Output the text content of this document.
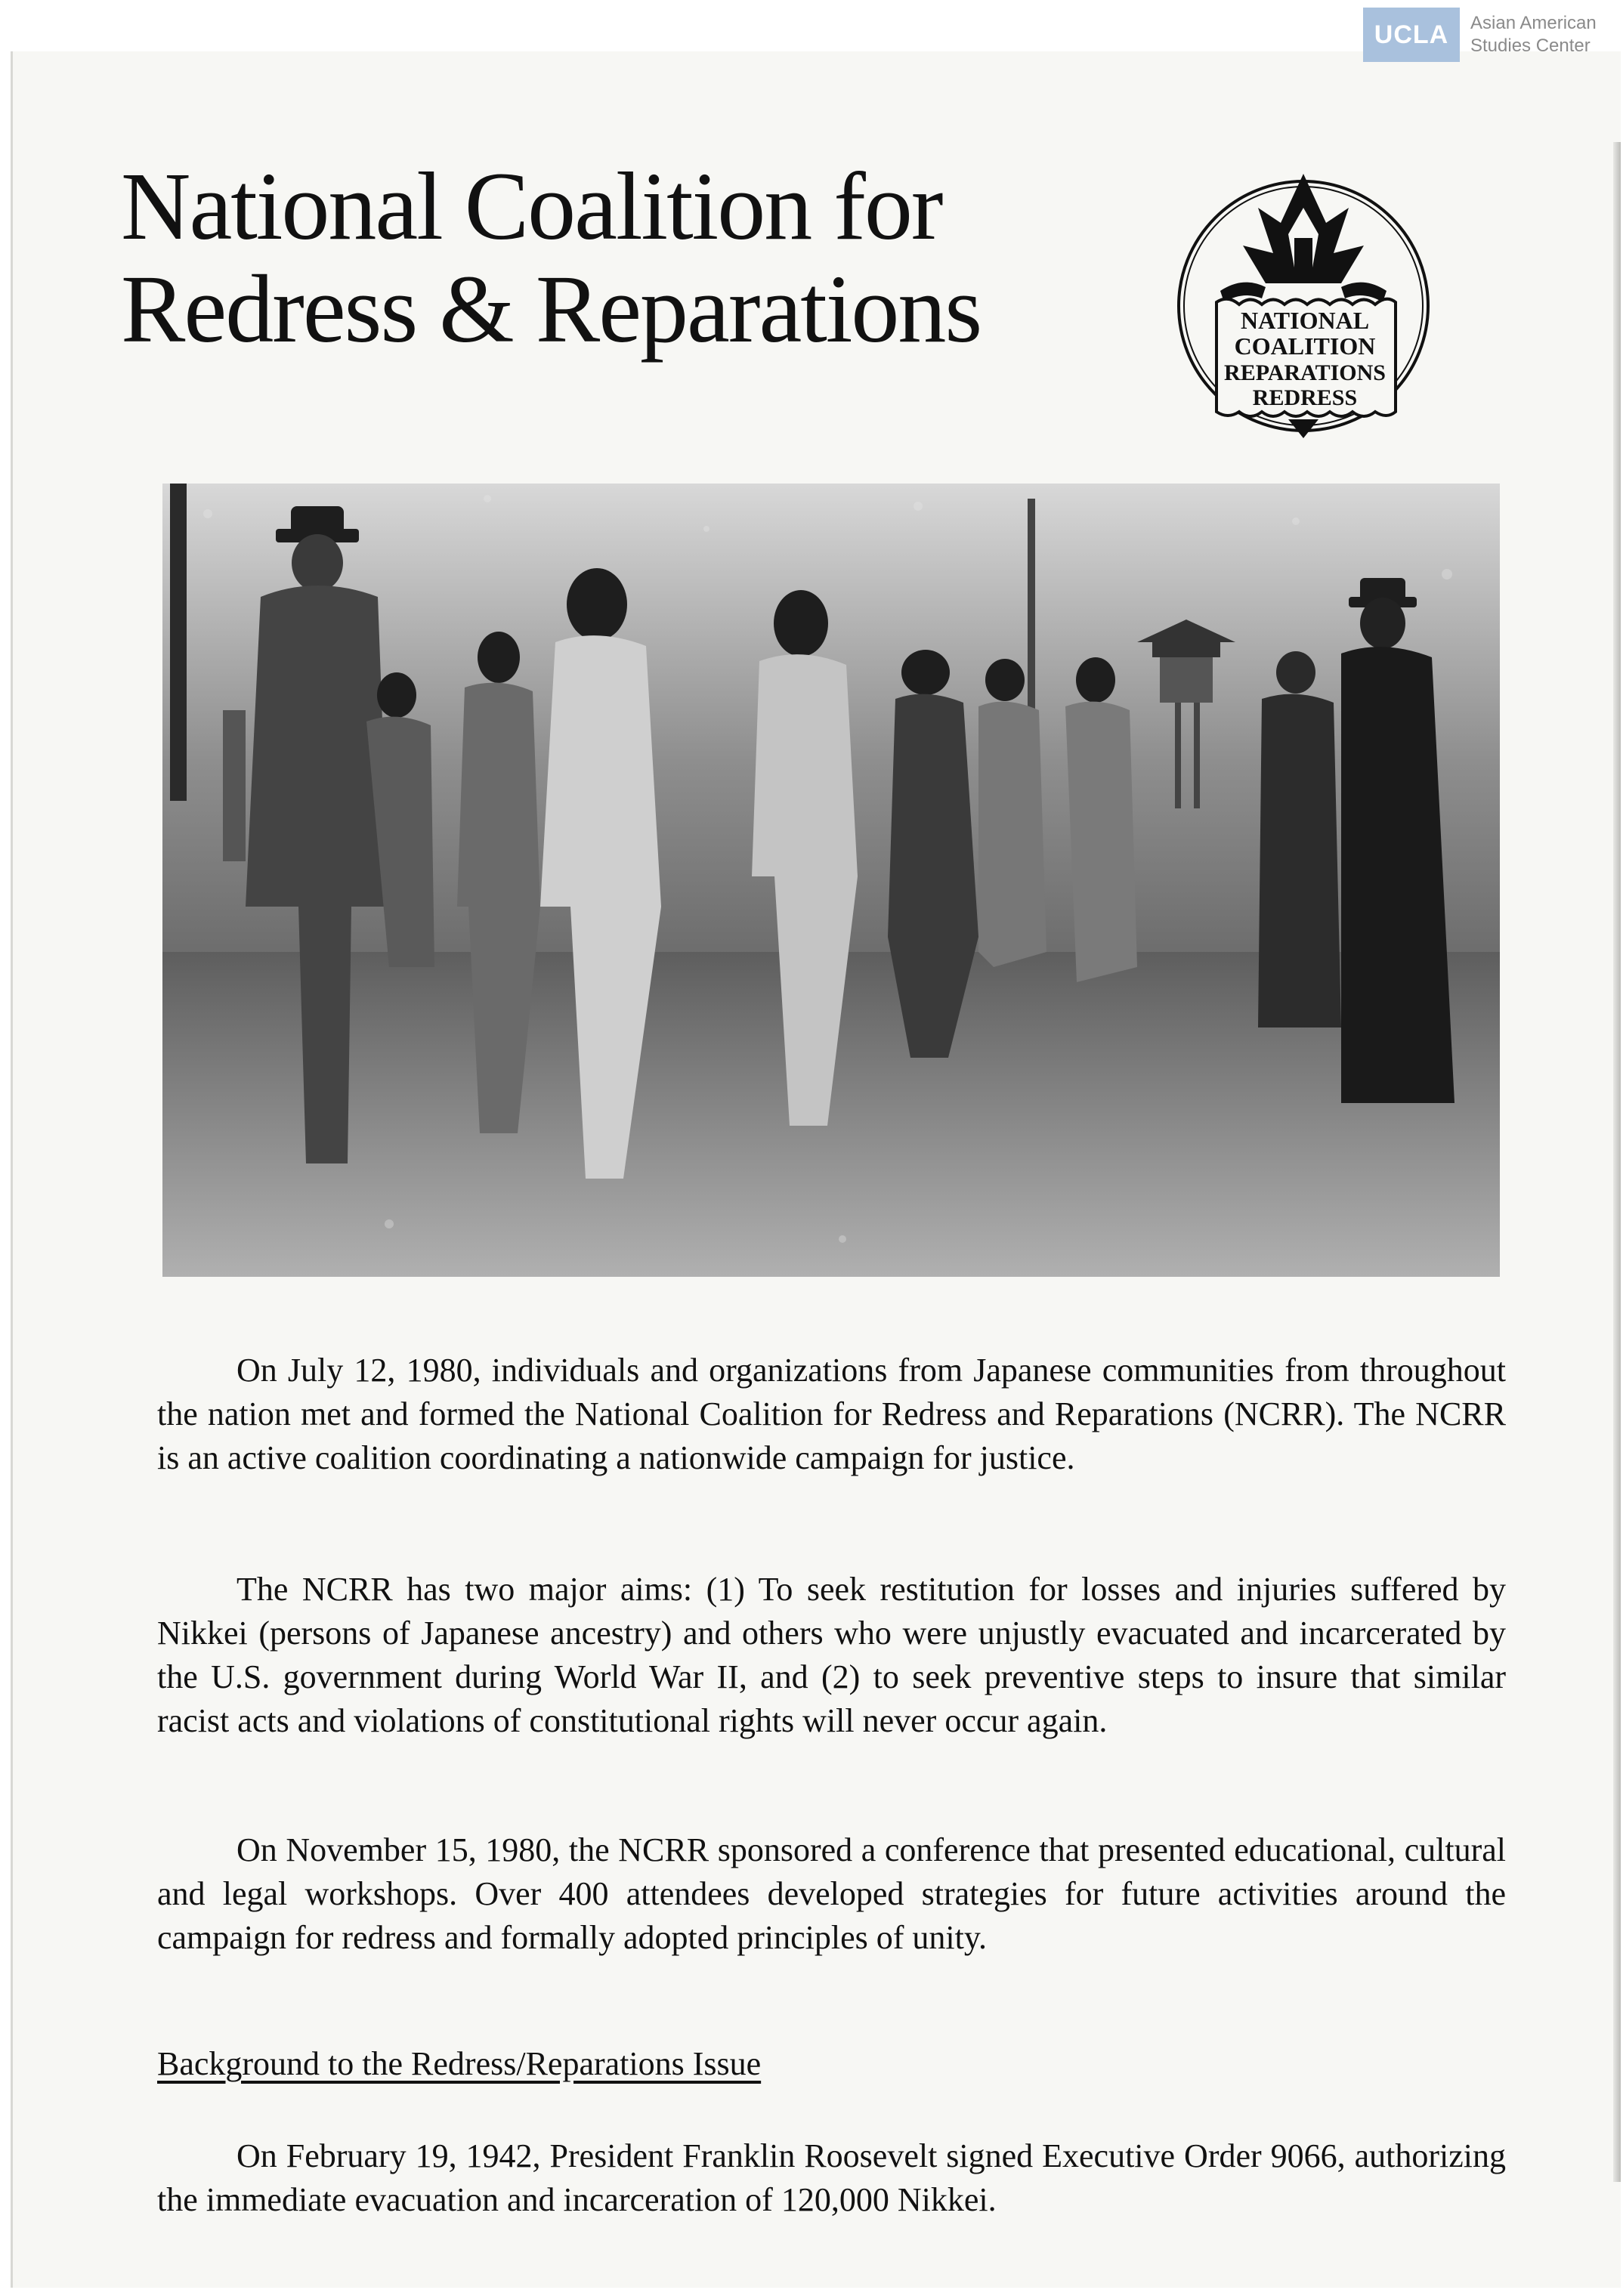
UCLA	Asian American
Studies Center
National Coalition for
Redress & Reparations	NATIONAL
COALITION
REPARATIONS
REDRESS

On July 12, 1980, individuals and organizations from Japanese communities from throughout the nation met and formed the National Coalition for Redress and Reparations (NCRR). The NCRR is an active coalition coordinating a nationwide campaign for justice.

The NCRR has two major aims: (1) To seek restitution for losses and injuries suffered by Nikkei (persons of Japanese ancestry) and others who were unjustly evacuated and incarcerated by the U.S. government during World War II, and (2) to seek preventive steps to insure that similar racist acts and violations of constitutional rights will never occur again.

On November 15, 1980, the NCRR sponsored a conference that presented educational, cultural and legal workshops. Over 400 attendees developed strategies for future activities around the campaign for redress and formally adopted principles of unity.

Background to the Redress/Reparations Issue

On February 19, 1942, President Franklin Roosevelt signed Executive Order 9066, authorizing the immediate evacuation and incarceration of 120,000 Nikkei.
